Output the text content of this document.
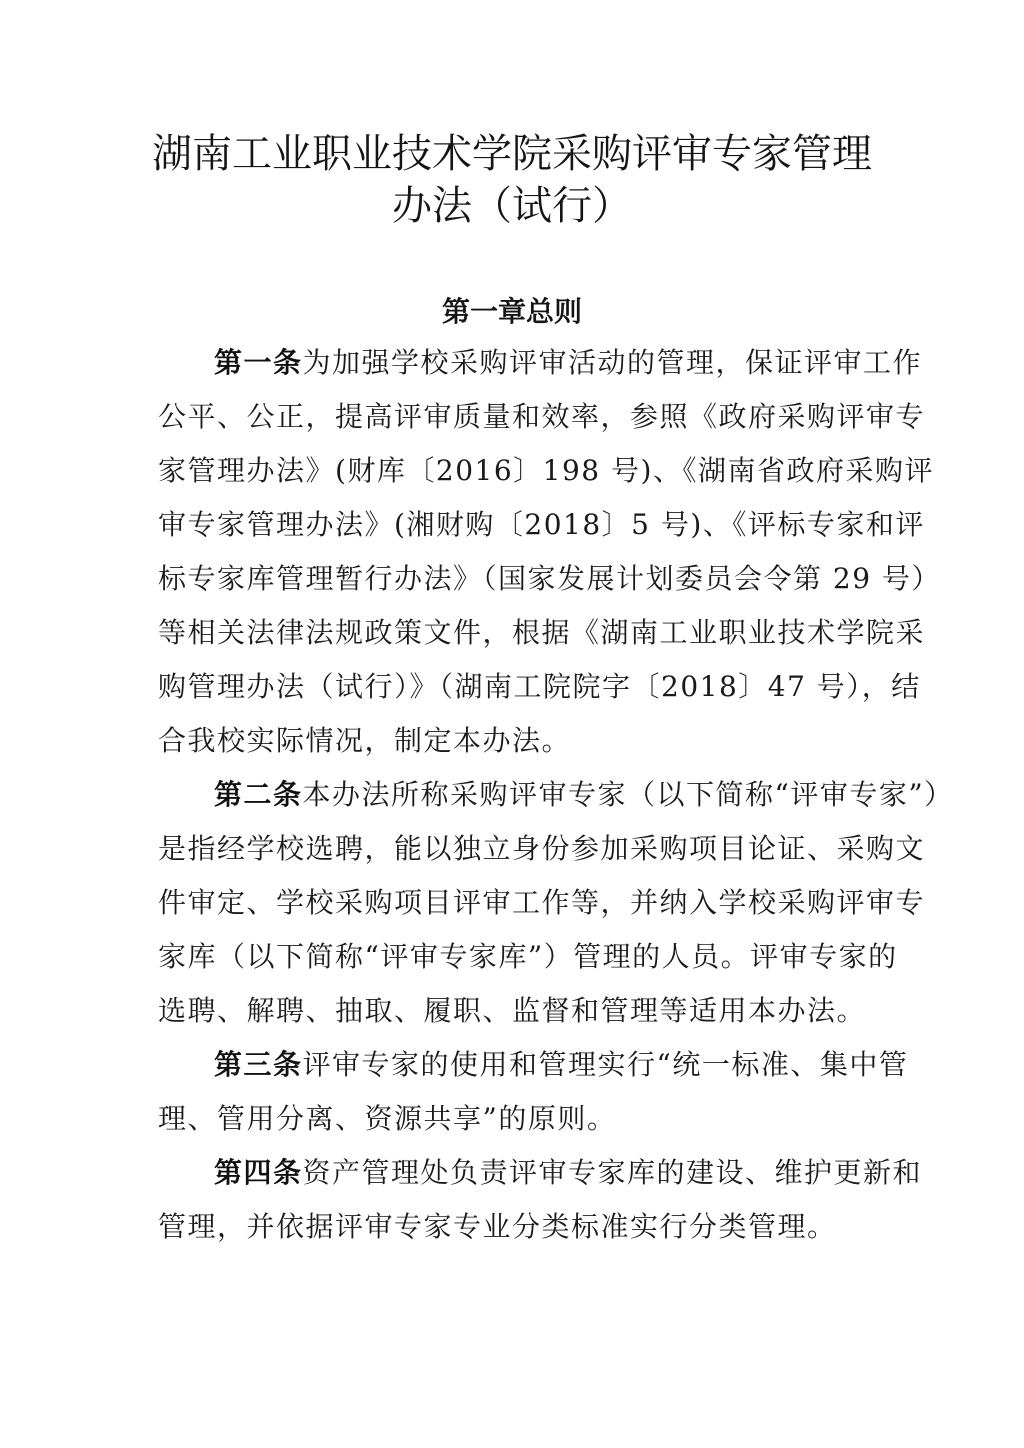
湖南工业职业技术学院采购评审专家管理
办法（试行）
第一章总则
第一条为加强学校采购评审活动的管理，保证评审工作
公平、公正，提高评审质量和效率，参照《政府采购评审专
家管理办法》(财库〔2016〕198 号)、《湖南省政府采购评
审专家管理办法》(湘财购〔2018〕5 号)、《评标专家和评
标专家库管理暂行办法》（国家发展计划委员会令第 29 号）
等相关法律法规政策文件，根据《湖南工业职业技术学院采
购管理办法（试行）》（湖南工院院字〔2018〕47 号），结
合我校实际情况，制定本办法。
第二条本办法所称采购评审专家（以下简称“评审专家”）
是指经学校选聘，能以独立身份参加采购项目论证、采购文
件审定、学校采购项目评审工作等，并纳入学校采购评审专
家库（以下简称“评审专家库”）管理的人员。评审专家的
选聘、解聘、抽取、履职、监督和管理等适用本办法。
第三条评审专家的使用和管理实行“统一标准、集中管
理、管用分离、资源共享”的原则。
第四条资产管理处负责评审专家库的建设、维护更新和
管理，并依据评审专家专业分类标准实行分类管理。
